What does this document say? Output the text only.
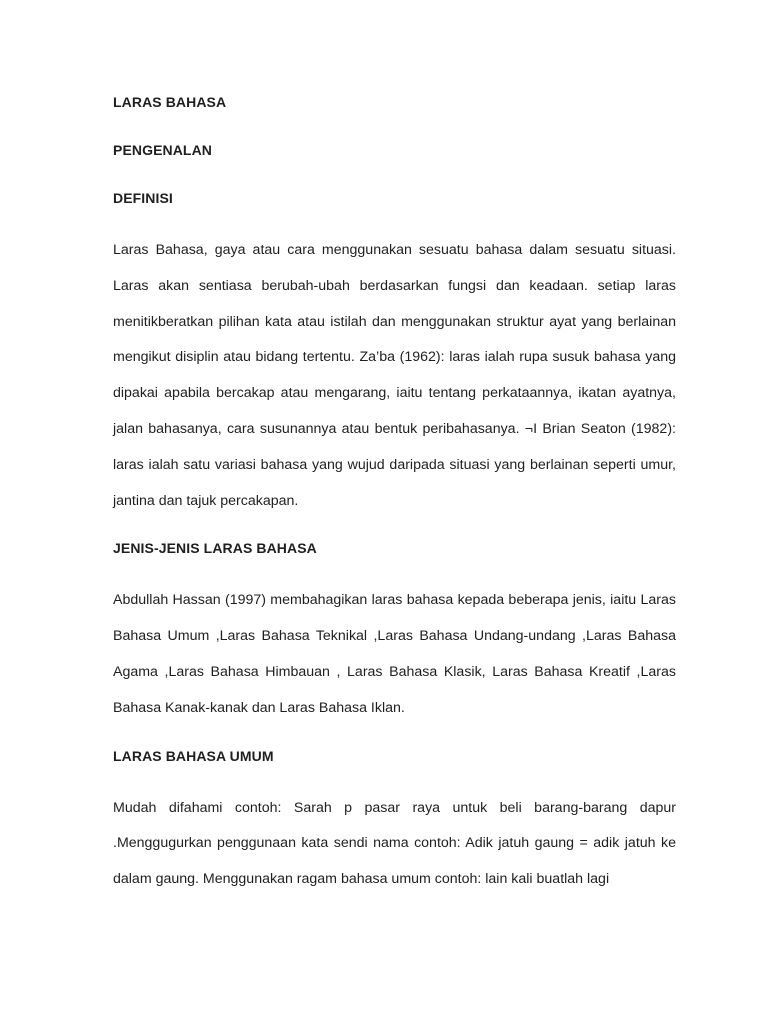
LARAS BAHASA
PENGENALAN
DEFINISI

Laras Bahasa, gaya atau cara menggunakan sesuatu bahasa dalam sesuatu situasi. Laras akan sentiasa berubah-ubah berdasarkan fungsi dan keadaan. setiap laras menitikberatkan pilihan kata atau istilah dan menggunakan struktur ayat yang berlainan mengikut disiplin atau bidang tertentu. Za’ba (1962): laras ialah rupa susuk bahasa yang dipakai apabila bercakap atau mengarang, iaitu tentang perkataannya, ikatan ayatnya, jalan bahasanya, cara susunannya atau bentuk peribahasanya. ¬Ι Brian Seaton (1982): laras ialah satu variasi bahasa yang wujud daripada situasi yang berlainan seperti umur, jantina dan tajuk percakapan.

JENIS-JENIS LARAS BAHASA

Abdullah Hassan (1997) membahagikan laras bahasa kepada beberapa jenis, iaitu Laras Bahasa Umum ,Laras Bahasa Teknikal ,Laras Bahasa Undang-undang ,Laras Bahasa Agama ,Laras Bahasa Himbauan , Laras Bahasa Klasik, Laras Bahasa Kreatif ,Laras Bahasa Kanak-kanak dan Laras Bahasa Iklan.

LARAS BAHASA UMUM

Mudah difahami contoh: Sarah p pasar raya untuk beli barang-barang dapur .Menggugurkan penggunaan kata sendi nama contoh: Adik jatuh gaung = adik jatuh ke dalam gaung. Menggunakan ragam bahasa umum contoh: lain kali buatlah lagi
